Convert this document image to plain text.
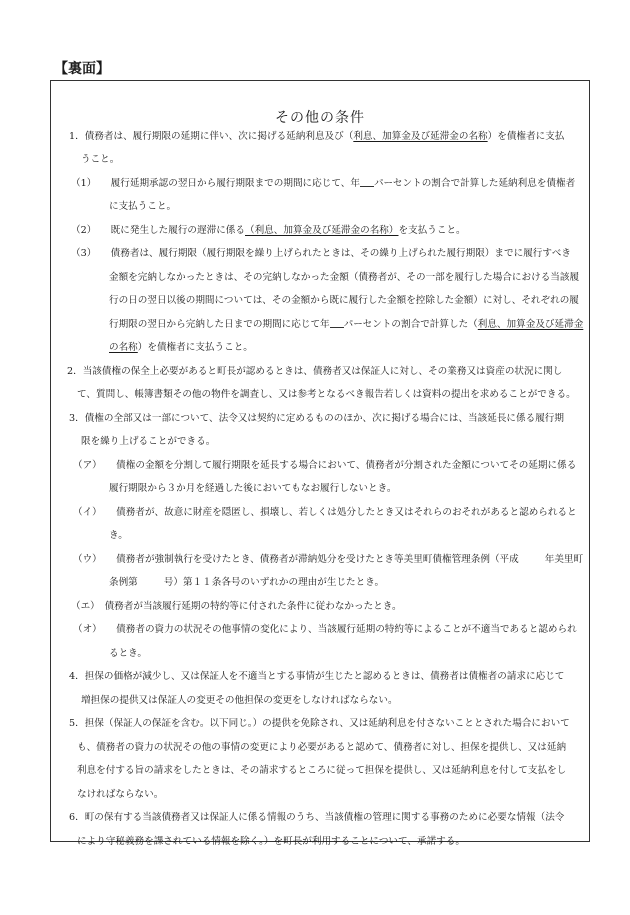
【裏面】
その他の条件
1．債務者は、履行期限の延期に伴い、次に掲げる延納利息及び（利息、加算金及び延滞金の名称）を債権者に支払
うこと。
（1）　　履行延期承認の翌日から履行期限までの期間に応じて、年 パーセントの割合で計算した延納利息を債権者
に支払うこと。
（2）　　既に発生した履行の遅滞に係る（利息、加算金及び延滞金の名称）を支払うこと。
（3）　　債務者は、履行期限（履行期限を繰り上げられたときは、その繰り上げられた履行期限）までに履行すべき
金額を完納しなかったときは、その完納しなかった金額（債務者が、その一部を履行した場合における当該履
行の日の翌日以後の期間については、その金額から既に履行した金額を控除した金額）に対し、それぞれの履
行期限の翌日から完納した日までの期間に応じて年 パーセントの割合で計算した（利息、加算金及び延滞金
の名称）を債権者に支払うこと。
2．当該債権の保全上必要があると町長が認めるときは、債務者又は保証人に対し、その業務又は資産の状況に関し
て、質問し、帳簿書類その他の物件を調査し、又は参考となるべき報告若しくは資料の提出を求めることができる。
3．債権の全部又は一部について、法令又は契約に定めるもののほか、次に掲げる場合には、当該延長に係る履行期
限を繰り上げることができる。
（ア）　　債権の金額を分割して履行期限を延長する場合において、債務者が分割された金額についてその延期に係る
履行期限から３か月を経過した後においてもなお履行しないとき。
（イ）　　債務者が、故意に財産を隠匿し、損壊し、若しくは処分したとき又はそれらのおそれがあると認められると
き。
（ウ）　　債務者が強制執行を受けたとき、債務者が滞納処分を受けたとき等美里町債権管理条例（平成	年美里町
条例第	号）第１１条各号のいずれかの理由が生じたとき。
（エ）　債務者が当該履行延期の特約等に付された条件に従わなかったとき。
（オ）　　債務者の資力の状況その他事情の変化により、当該履行延期の特約等によることが不適当であると認められ
るとき。
4．担保の価格が減少し、又は保証人を不適当とする事情が生じたと認めるときは、債務者は債権者の請求に応じて
増担保の提供又は保証人の変更その他担保の変更をしなければならない。
5．担保（保証人の保証を含む。以下同じ。）の提供を免除され、又は延納利息を付さないこととされた場合において
も、債務者の資力の状況その他の事情の変更により必要があると認めて、債務者に対し、担保を提供し、又は延納
利息を付する旨の請求をしたときは、その請求するところに従って担保を提供し、又は延納利息を付して支払をし
なければならない。
6．町の保有する当該債務者又は保証人に係る情報のうち、当該債権の管理に関する事務のために必要な情報（法令
により守秘義務を課されている情報を除く。）を町長が利用することについて、承諾する。
